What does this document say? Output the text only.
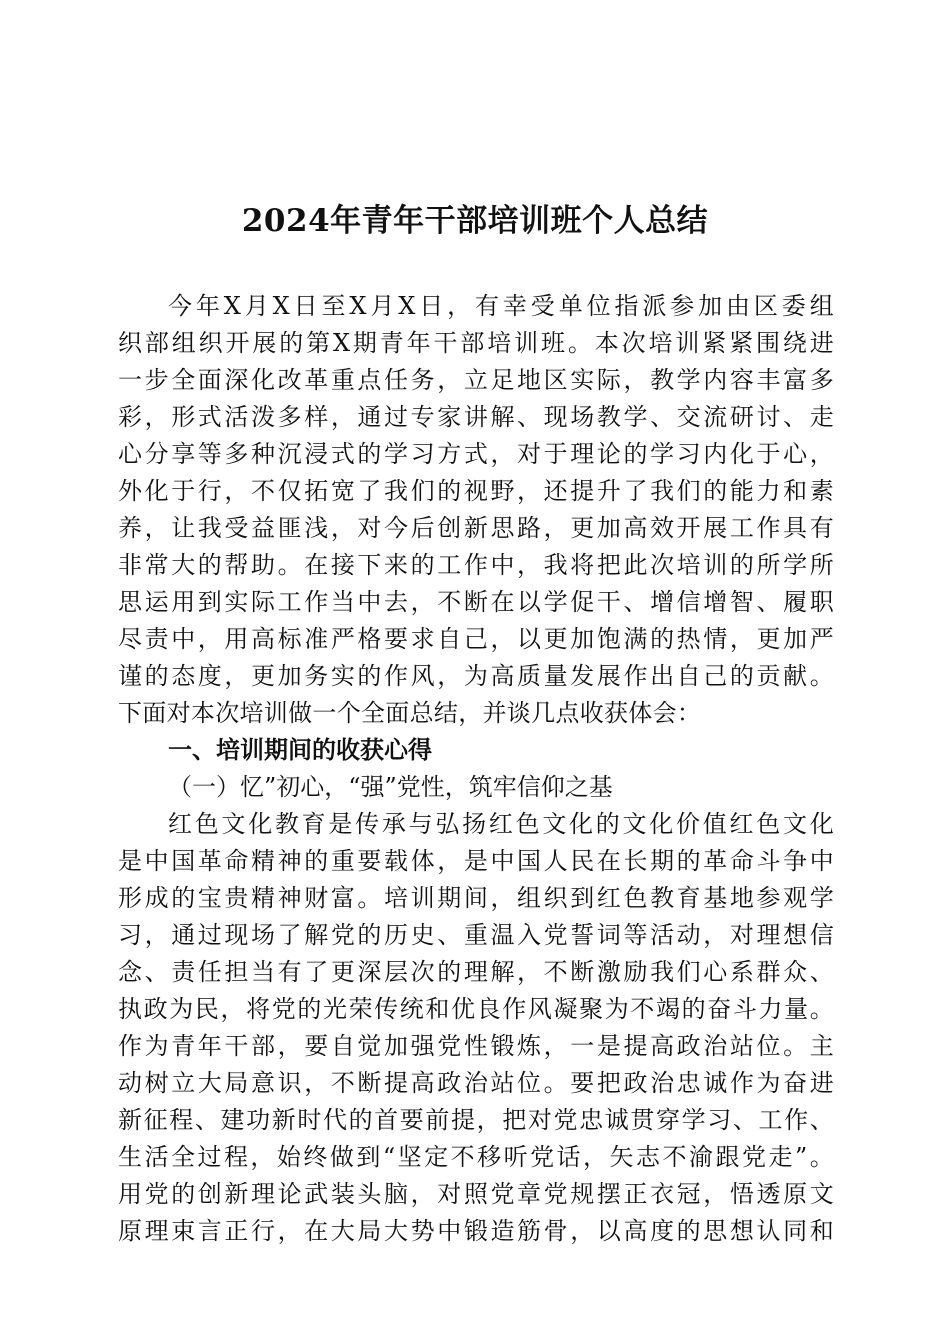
2024年青年干部培训班个人总结
今年X月X日至X月X日，有幸受单位指派参加由区委组
织部组织开展的第X期青年干部培训班。本次培训紧紧围绕进
一步全面深化改革重点任务，立足地区实际，教学内容丰富多
彩，形式活泼多样，通过专家讲解、现场教学、交流研讨、走
心分享等多种沉浸式的学习方式，对于理论的学习内化于心，
外化于行，不仅拓宽了我们的视野，还提升了我们的能力和素
养，让我受益匪浅，对今后创新思路，更加高效开展工作具有
非常大的帮助。在接下来的工作中，我将把此次培训的所学所
思运用到实际工作当中去，不断在以学促干、增信增智、履职
尽责中，用高标准严格要求自己，以更加饱满的热情，更加严
谨的态度，更加务实的作风，为高质量发展作出自己的贡献。
下面对本次培训做一个全面总结，并谈几点收获体会：
一、培训期间的收获心得
（一）忆”初心，“强”党性，筑牢信仰之基
红色文化教育是传承与弘扬红色文化的文化价值红色文化
是中国革命精神的重要载体，是中国人民在长期的革命斗争中
形成的宝贵精神财富。培训期间，组织到红色教育基地参观学
习，通过现场了解党的历史、重温入党誓词等活动，对理想信
念、责任担当有了更深层次的理解，不断激励我们心系群众、
执政为民，将党的光荣传统和优良作风凝聚为不竭的奋斗力量。
作为青年干部，要自觉加强党性锻炼，一是提高政治站位。主
动树立大局意识，不断提高政治站位。要把政治忠诚作为奋进
新征程、建功新时代的首要前提，把对党忠诚贯穿学习、工作、
生活全过程，始终做到“坚定不移听党话，矢志不渝跟党走”。
用党的创新理论武装头脑，对照党章党规摆正衣冠，悟透原文
原理束言正行，在大局大势中锻造筋骨，以高度的思想认同和
